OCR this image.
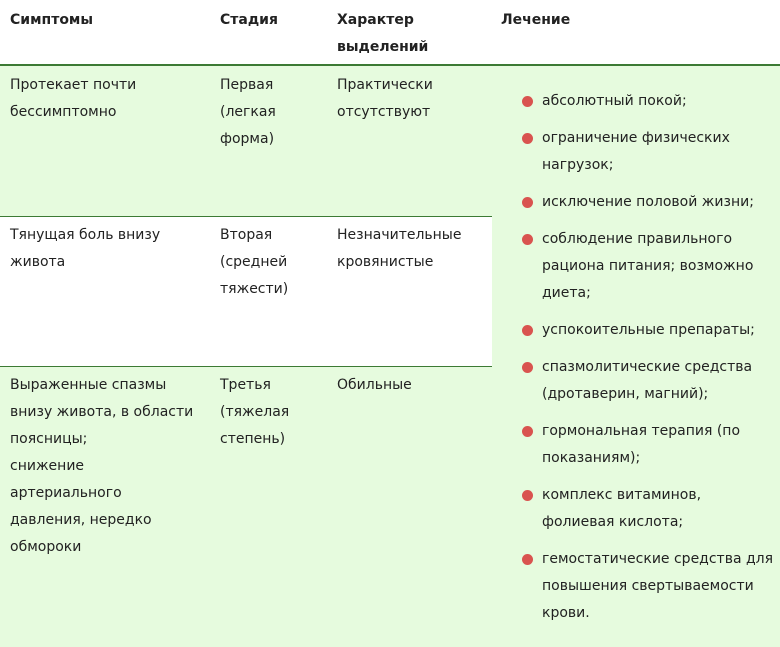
Симптомы	Стадия	Характер выделений
Лечение
Протекает почти бессимптомно
Первая (легкая форма)
Практически отсутствуют
Тянущая боль внизу живота
Вторая (средней тяжести)
Незначительные кровянистые
Выраженные спазмы внизу живота, в области поясницы;
снижение артериального давления, нередко обмороки
Третья (тяжелая степень)
Обильные
абсолютный покой;
ограничение физических нагрузок;
исключение половой жизни;
соблюдение правильного рациона питания; возможно диета;
успокоительные препараты;
спазмолитические средства (дротаверин, магний);
гормональная терапия (по показаниям);
комплекс витаминов, фолиевая кислота;
гемостатические средства для повышения свертываемости крови.
